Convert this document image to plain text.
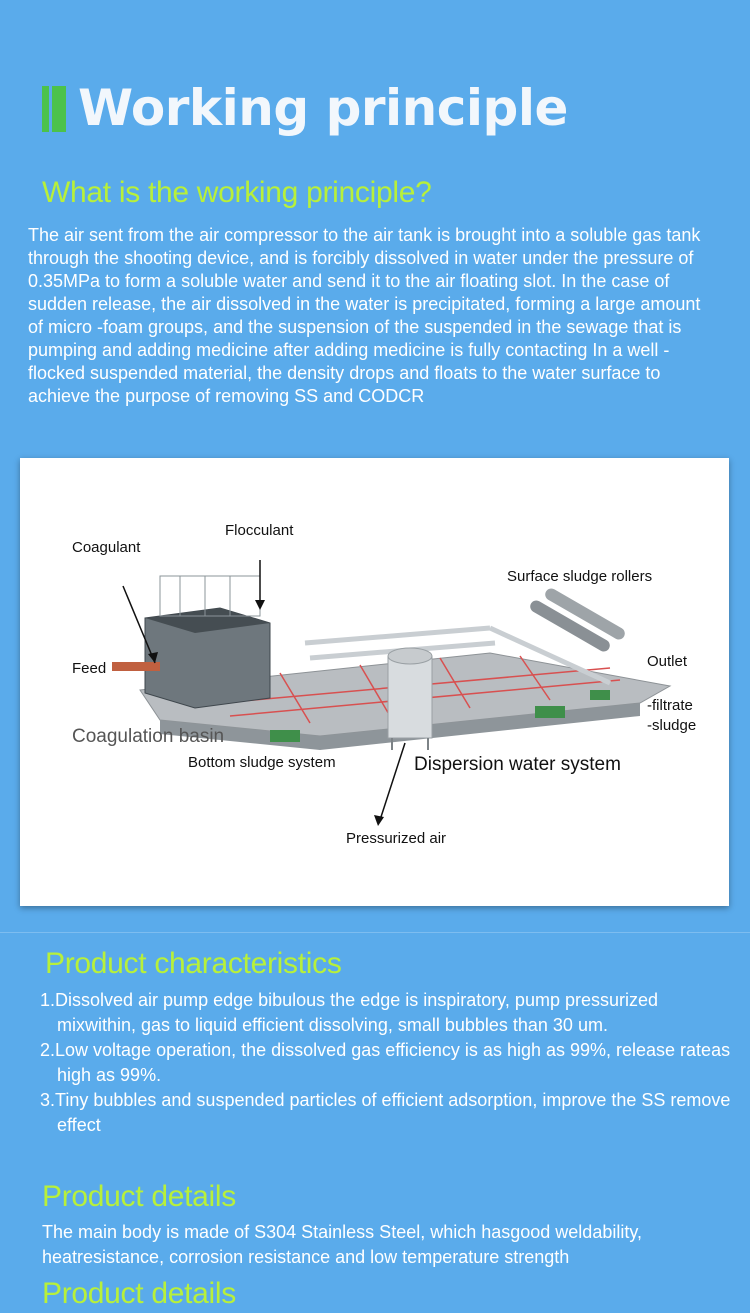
Working principle
What is the working principle?
The air sent from the air compressor to the air tank is brought into a soluble gas tank through the shooting device, and is forcibly dissolved in water under the pressure of 0.35MPa to form a soluble water and send it to the air floating slot. In the case of sudden release, the air dissolved in the water is precipitated, forming a large amount of micro -foam groups, and the suspension of the suspended in the sewage that is pumping and adding medicine after adding medicine is fully contacting In a well -flocked suspended material, the density drops and floats to the water surface to achieve the purpose of removing SS and CODCR
Coagulant
Flocculant
Surface sludge rollers
Feed	Outlet
-filtrate
-sludge
Coagulation basin
Bottom sludge system	Dispersion water system
Pressurized air
Product characteristics
1.Dissolved air pump edge bibulous the edge is inspiratory, pump pressurized mixwithin, gas to liquid efficient dissolving, small bubbles than 30 um.
2.Low voltage operation, the dissolved gas efficiency is as high as 99%, release rateas high as 99%.
3.Tiny bubbles and suspended particles of efficient adsorption, improve the SS remove effect
Product details
The main body is made of S304 Stainless Steel, which hasgood weldability, heatresistance, corrosion resistance and low temperature strength
Product details
